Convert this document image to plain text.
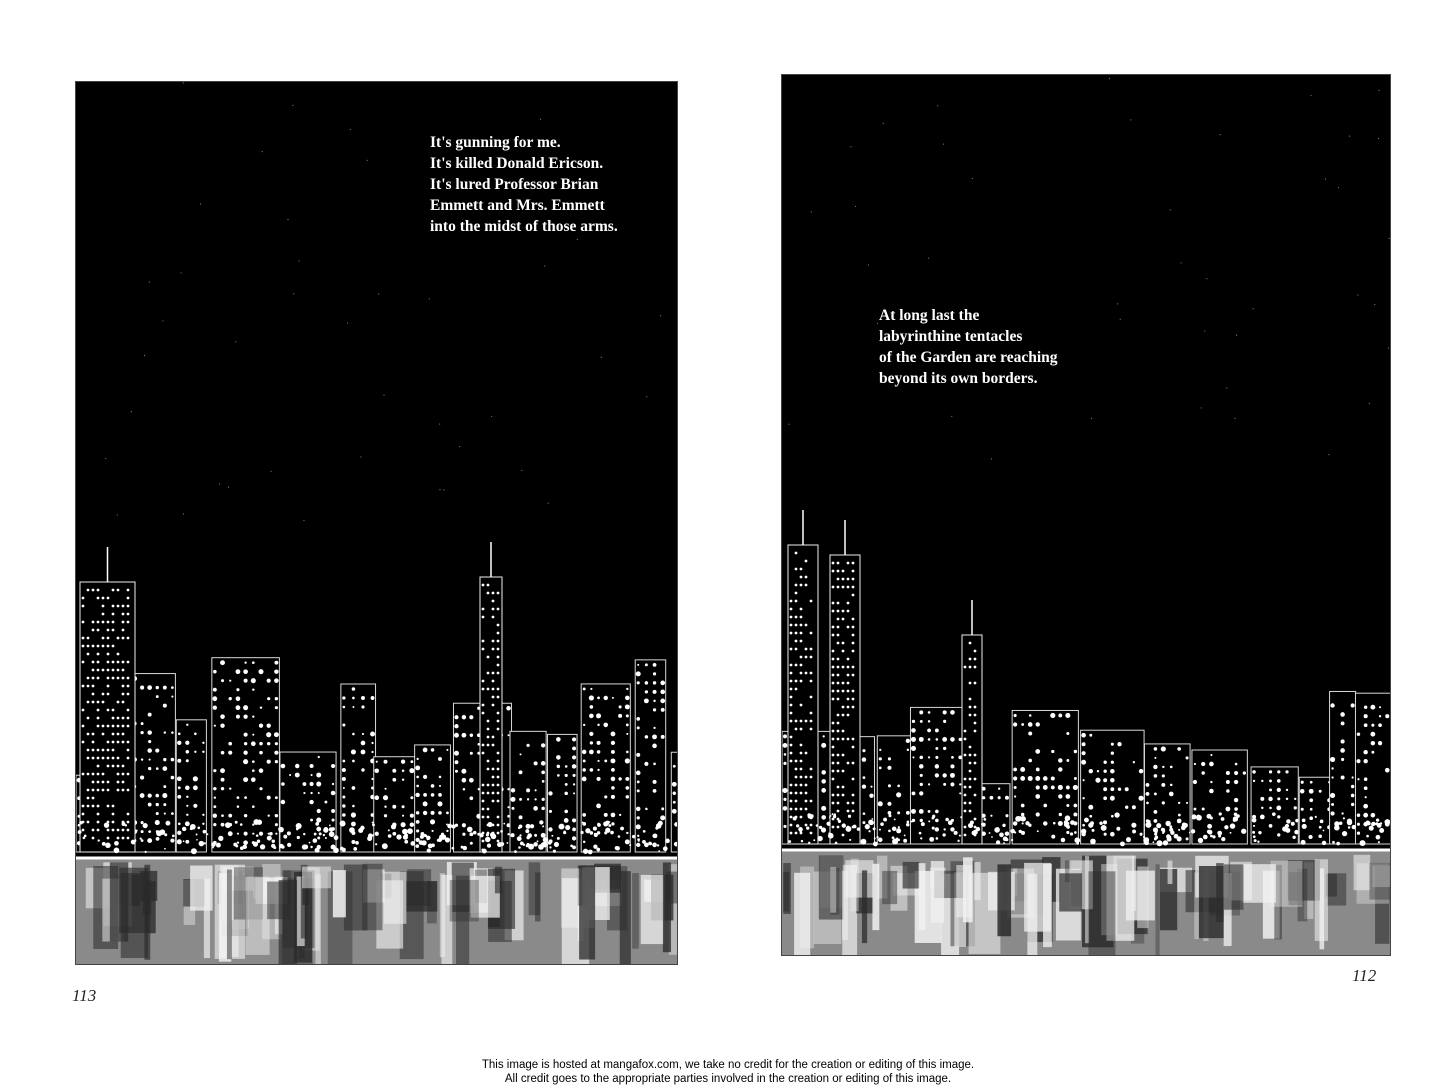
It's gunning for me.
It's killed Donald Ericson.
It's lured Professor Brian
Emmett and Mrs. Emmett
into the midst of those arms.

At long last the
labyrinthine tentacles
of the Garden are reaching
beyond its own borders.

113
112
This image is hosted at mangafox.com, we take no credit for the creation or editing of this image.
All credit goes to the appropriate parties involved in the creation or editing of this image.
